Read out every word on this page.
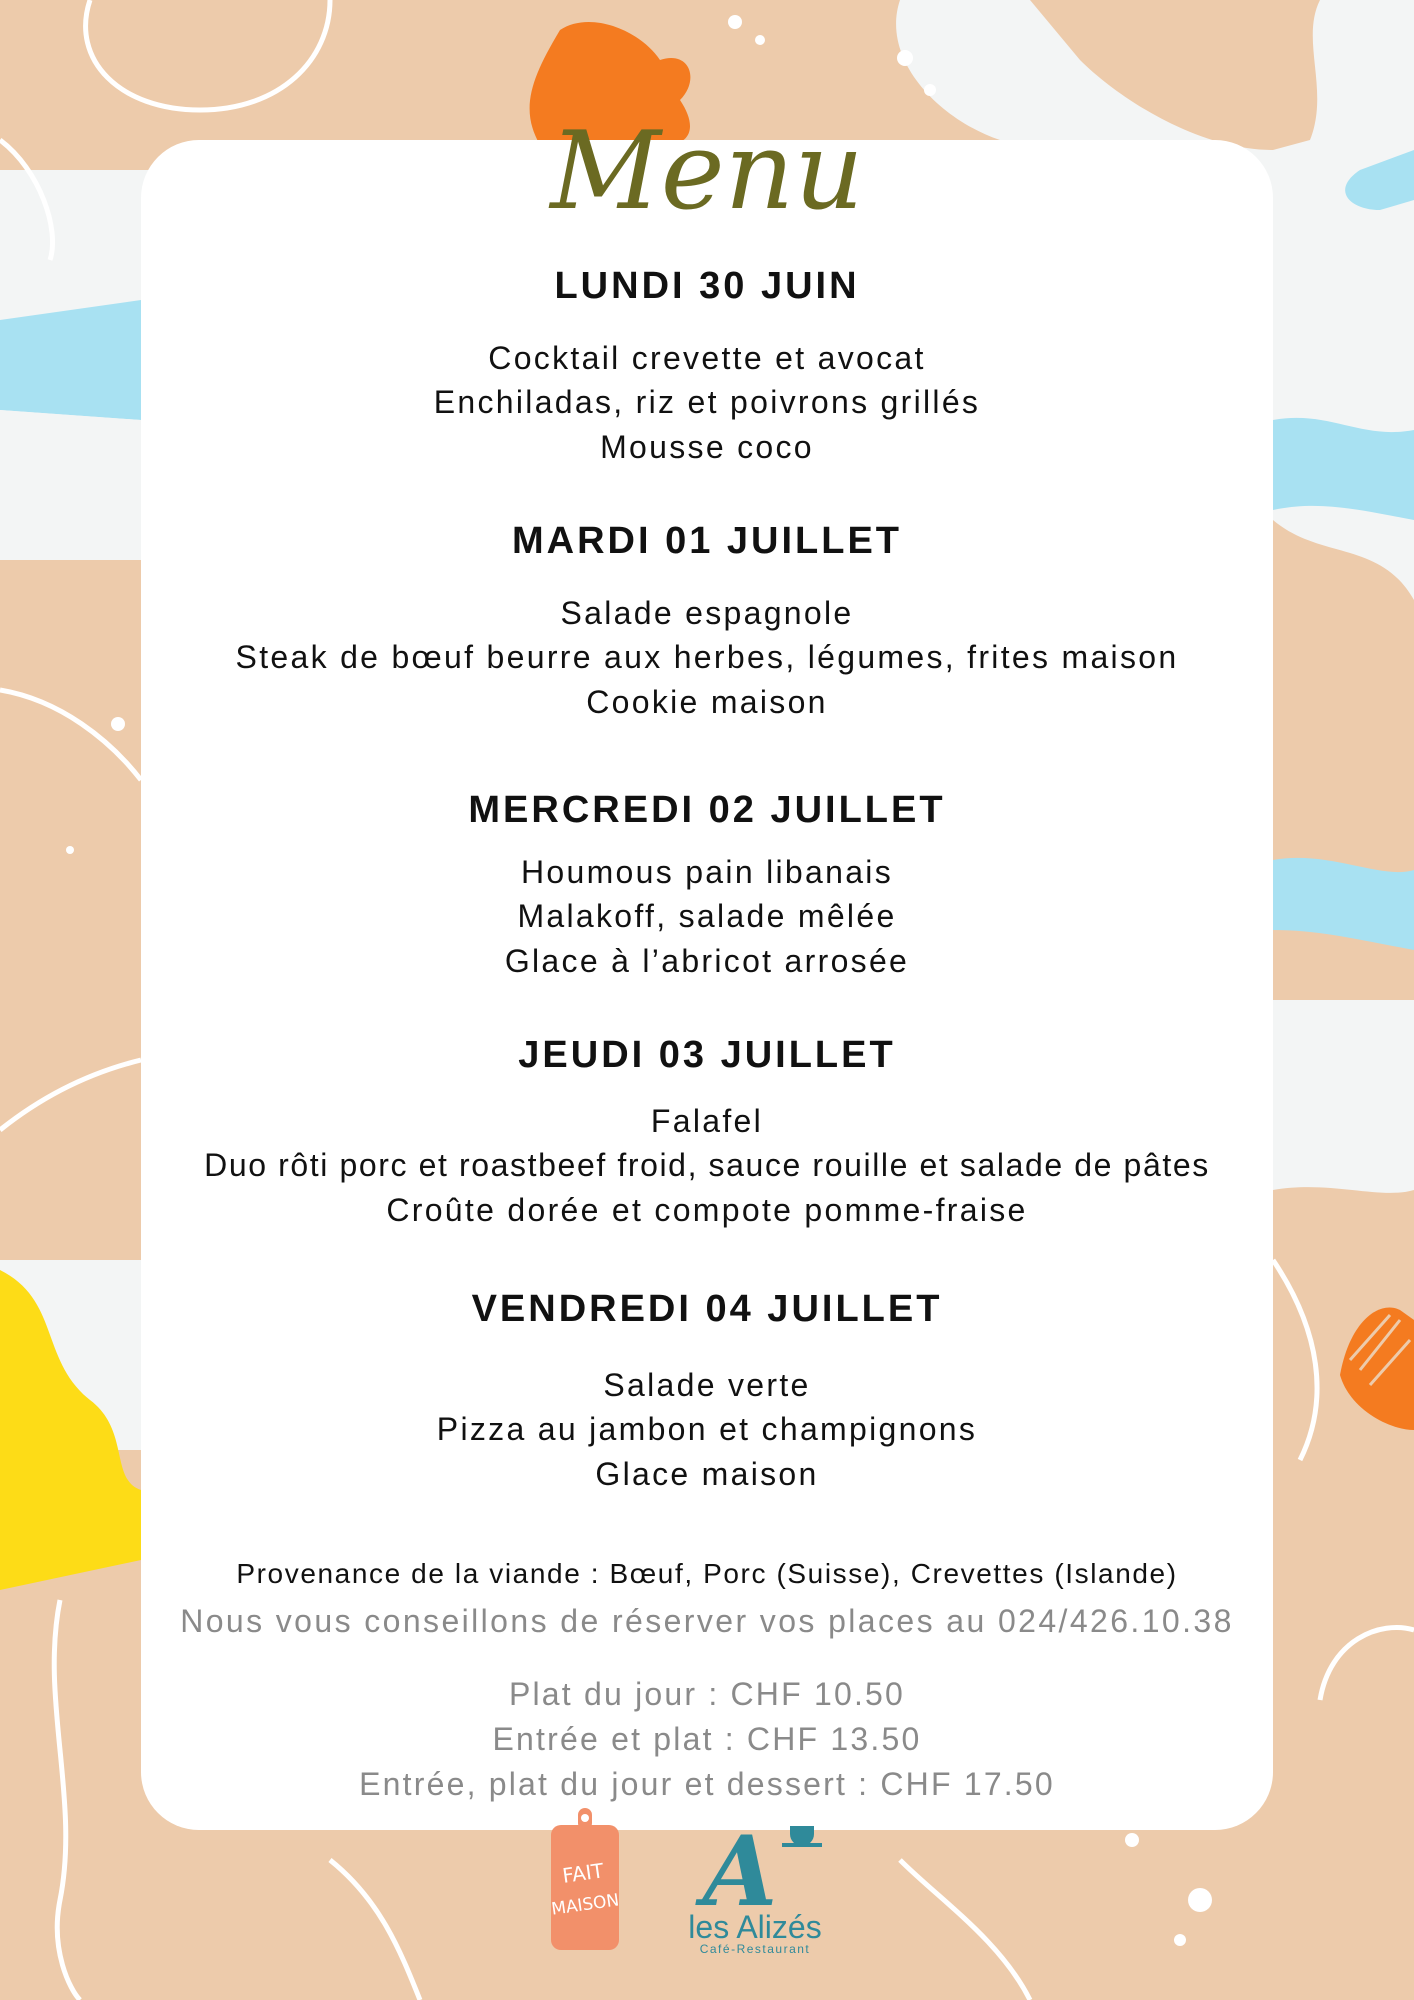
Menu

LUNDI 30 JUIN

Cocktail crevette et avocat

Enchiladas, riz et poivrons grillés

Mousse coco

MARDI 01 JUILLET

Salade espagnole

Steak de bœuf beurre aux herbes, légumes, frites maison

Cookie maison

MERCREDI 02 JUILLET

Houmous pain libanais

Malakoff, salade mêlée

Glace à l’abricot arrosée

JEUDI 03 JUILLET

Falafel

Duo rôti porc et roastbeef froid, sauce rouille et salade de pâtes

Croûte dorée et compote pomme-fraise

VENDREDI 04 JUILLET

Salade verte

Pizza au jambon et champignons

Glace maison

Provenance de la viande : Bœuf, Porc (Suisse), Crevettes (Islande)
Nous vous conseillons de réserver vos places au 024/426.10.38
Plat du jour : CHF 10.50
Entrée et plat : CHF 13.50
Entrée, plat du jour et dessert : CHF 17.50
FAIT
MAISON A
les Alizés
Café-Restaurant
